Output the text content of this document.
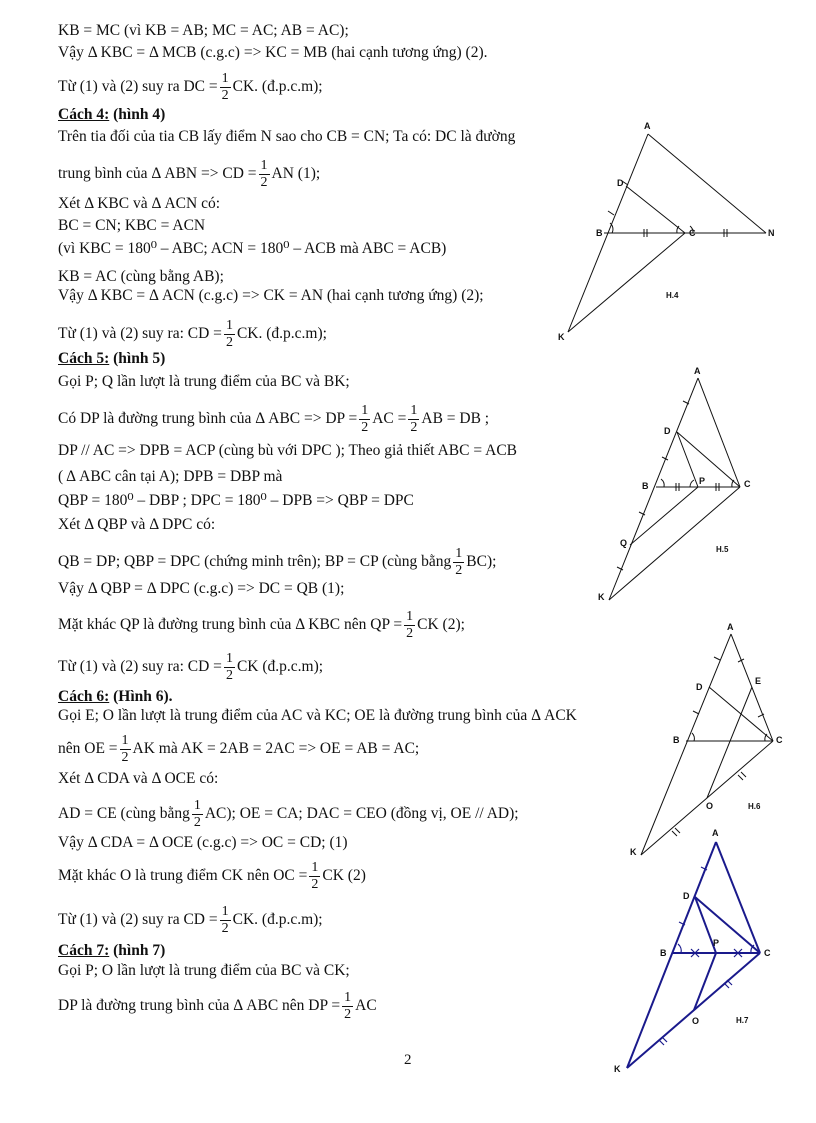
KB = MC (vì KB = AB; MC = AC; AB = AC);
Vậy Δ KBC = Δ MCB (c.g.c) => KC = MB (hai cạnh tương ứng) (2).
Từ (1) và (2) suy ra DC = $\frac{1}{2}$ CK. (đ.p.c.m);
Cách 4: (hình 4)
Trên tia đối của tia CB lấy điểm N sao cho CB = CN; Ta có: DC là đường
trung bình của Δ ABN => CD = $\frac{1}{2}$ AN (1);
Xét Δ KBC và Δ ACN có:
BC = CN; KBC = ACN
(vì KBC = 180⁰ – ABC; ACN = 180⁰ – ACB mà ABC = ACB)
KB = AC (cùng bằng AB);
Vậy Δ KBC = Δ ACN (c.g.c) => CK = AN (hai cạnh tương ứng) (2);
Từ (1) và (2) suy ra: CD = $\frac{1}{2}$ CK. (đ.p.c.m);
Cách 5: (hình 5)
Gọi P; Q lần lượt là trung điểm của BC và BK;
Có DP là đường trung bình của Δ ABC => DP = $\frac{1}{2}$ AC = $\frac{1}{2}$ AB = DB ;
DP // AC => DPB = ACP (cùng bù với DPC ); Theo giả thiết ABC = ACB
( Δ ABC cân tại A); DPB = DBP mà
QBP = 180⁰ – DBP ; DPC = 180⁰ – DPB => QBP = DPC
Xét Δ QBP và Δ DPC có:
QB = DP; QBP = DPC (chứng minh trên); BP = CP (cùng bằng $\frac{1}{2} BC$);
Vậy Δ QBP = Δ DPC (c.g.c) => DC = QB (1);
Mặt khác QP là đường trung bình của Δ KBC nên QP = $\frac{1}{2}$ CK (2);
Từ (1) và (2) suy ra: CD = $\frac{1}{2}$ CK (đ.p.c.m);
Cách 6: (Hình 6).
Gọi E; O lần lượt là trung điểm của AC và KC; OE là đường trung bình của Δ ACK
nên OE = $\frac{1}{2}$ AK mà AK = 2AB = 2AC => OE = AB = AC;
Xét Δ CDA và Δ OCE có:
AD = CE (cùng bằng $\frac{1}{2} AC$); OE = CA; DAC = CEO (đồng vị, OE // AD);
Vậy Δ CDA = Δ OCE (c.g.c) => OC = CD; (1)
Mặt khác O là trung điểm CK nên OC = $\frac{1}{2}$ CK (2)
Từ (1) và (2) suy ra CD = $\frac{1}{2}$ CK. (đ.p.c.m);
Cách 7: (hình 7)
Gọi P; O lần lượt là trung điểm của BC và CK;
DP là đường trung bình của Δ ABC nên DP = $\frac{1}{2}$ AC
A
D
B	C	N
K
H.4
A
D
B	P	C
Q
K
H.5
A
D
E
B	C
O
K
H.6
A
D
B
P
C
O
K
H.7
2
